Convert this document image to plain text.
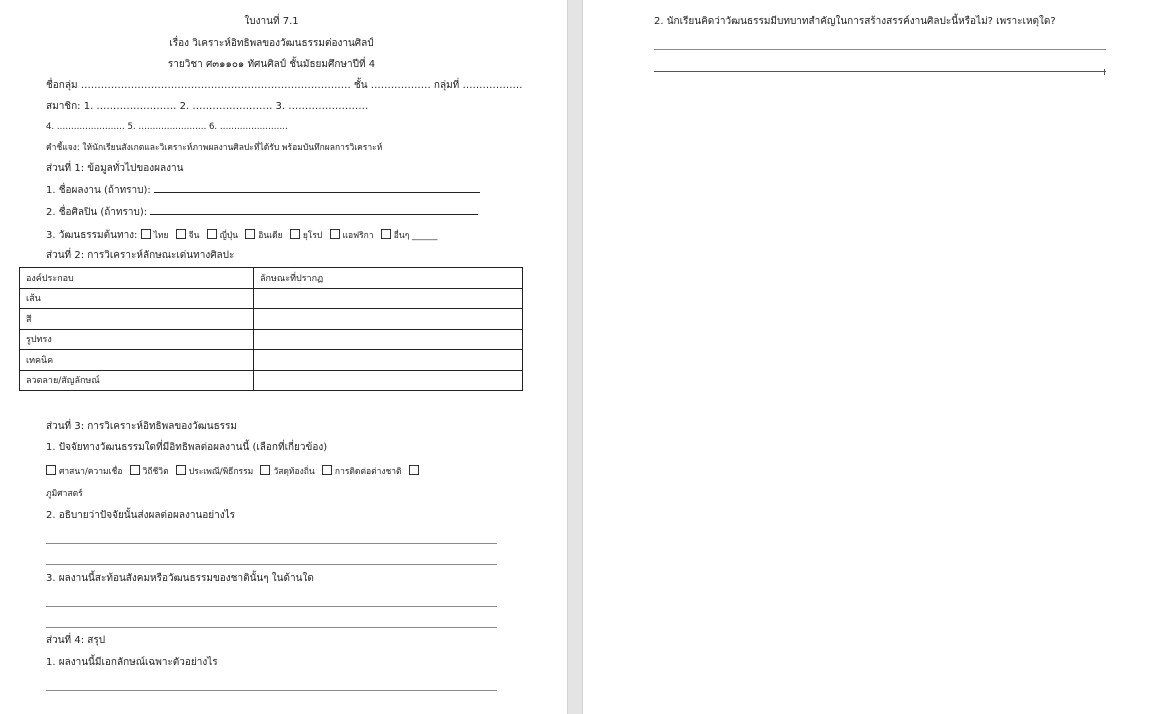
ใบงานที่ 7.1
เรื่อง วิเคราะห์อิทธิพลของวัฒนธรรมต่องานศิลป์
รายวิชา ศ๓๑๑๐๑ ทัศนศิลป์ ชั้นมัธยมศึกษาปีที่ 4
ชื่อกลุ่ม ……………………………………………………………………… ชั้น ……………… กลุ่มที่ ………………
สมาชิก: 1. …………………… 2. …………………… 3. ……………………
4. …………………… 5. …………………… 6. ……………………
คำชี้แจง: ให้นักเรียนสังเกตและวิเคราะห์ภาพผลงานศิลปะที่ได้รับ พร้อมบันทึกผลการวิเคราะห์
ส่วนที่ 1: ข้อมูลทั่วไปของผลงาน
1. ชื่อผลงาน (ถ้าทราบ):
2. ชื่อศิลปิน (ถ้าทราบ):
3. วัฒนธรรมต้นทาง: ไทย จีน ญี่ปุ่น อินเดีย ยุโรป แอฟริกา อื่นๆ ______
ส่วนที่ 2: การวิเคราะห์ลักษณะเด่นทางศิลปะ
องค์ประกอบ	ลักษณะที่ปรากฏ
เส้น	
สี	
รูปทรง	
เทคนิค	
ลวดลาย/สัญลักษณ์	
ส่วนที่ 3: การวิเคราะห์อิทธิพลของวัฒนธรรม
1. ปัจจัยทางวัฒนธรรมใดที่มีอิทธิพลต่อผลงานนี้ (เลือกที่เกี่ยวข้อง)
ศาสนา/ความเชื่อ วิถีชีวิต ประเพณี/พิธีกรรม วัสดุท้องถิ่น การติดต่อต่างชาติ
ภูมิศาสตร์
2. อธิบายว่าปัจจัยนั้นส่งผลต่อผลงานอย่างไร
3. ผลงานนี้สะท้อนสังคมหรือวัฒนธรรมของชาตินั้นๆ ในด้านใด
ส่วนที่ 4: สรุป
1. ผลงานนี้มีเอกลักษณ์เฉพาะตัวอย่างไร
2. นักเรียนคิดว่าวัฒนธรรมมีบทบาทสำคัญในการสร้างสรรค์งานศิลปะนี้หรือไม่? เพราะเหตุใด?
